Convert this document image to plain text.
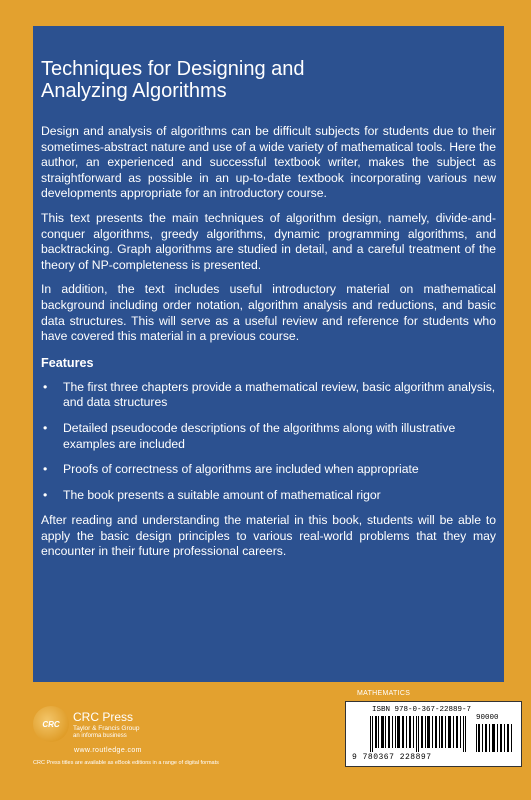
Techniques for Designing and
Analyzing Algorithms

Design and analysis of algorithms can be difficult subjects for students due to their sometimes-abstract nature and use of a wide variety of mathematical tools. Here the author, an experienced and successful textbook writer, makes the subject as straightforward as possible in an up-to-date textbook incorporating various new developments appropriate for an introductory course.

This text presents the main techniques of algorithm design, namely, divide-and-conquer algorithms, greedy algorithms, dynamic programming algorithms, and backtracking. Graph algorithms are studied in detail, and a careful treatment of the theory of NP-completeness is presented.

In addition, the text includes useful introductory material on mathematical background including order notation, algorithm analysis and reductions, and basic data structures. This will serve as a useful review and reference for students who have covered this material in a previous course.

Features
• The first three chapters provide a mathematical review, basic algorithm analysis, and data structures
• Detailed pseudocode descriptions of the algorithms along with illustrative examples are included
• Proofs of correctness of algorithms are included when appropriate
• The book presents a suitable amount of mathematical rigor

After reading and understanding the material in this book, students will be able to apply the basic design principles to various real-world problems that they may encounter in their future professional careers.

MATHEMATICS
ISBN 978-0-367-22889-7
90000
9 780367 228897
CRC CRC Press
Taylor & Francis Group
an informa business
www.routledge.com
CRC Press titles are available as eBook editions in a range of digital formats
